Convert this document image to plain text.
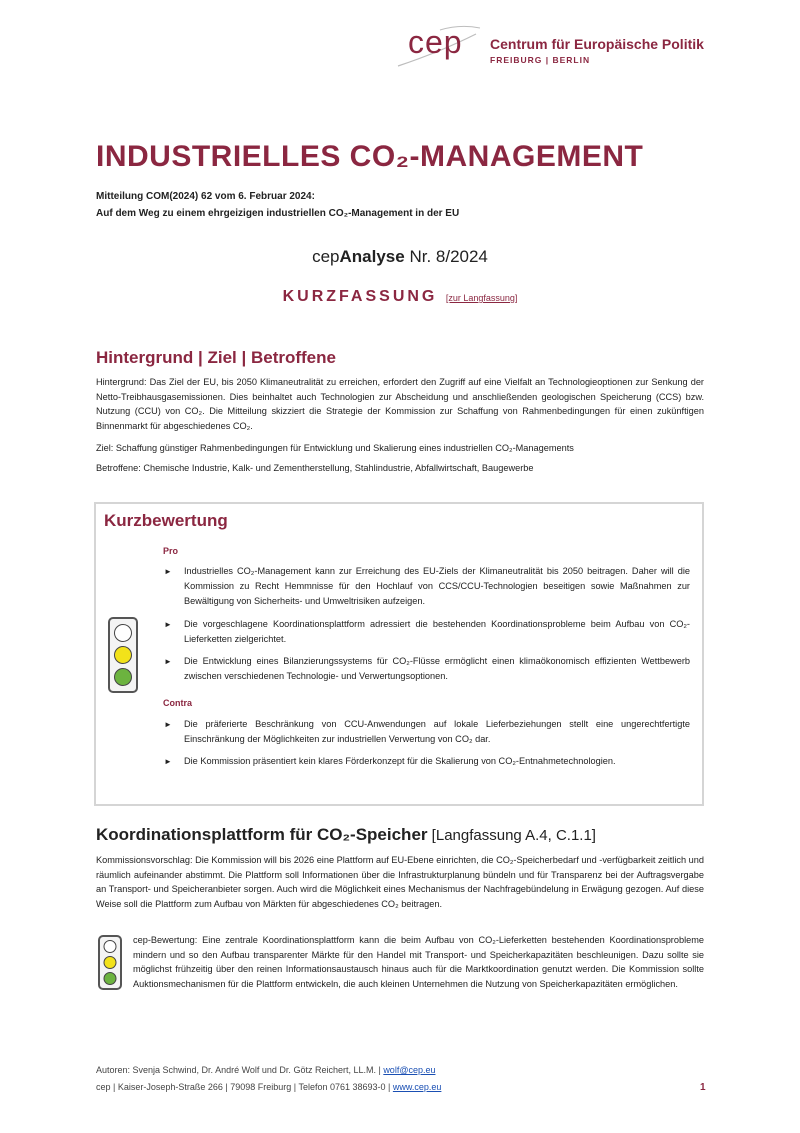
cep Centrum für Europäische Politik
FREIBURG | BERLIN
INDUSTRIELLES CO₂-MANAGEMENT
Mitteilung COM(2024) 62 vom 6. Februar 2024:
Auf dem Weg zu einem ehrgeizigen industriellen CO₂-Management in der EU
cepAnalyse Nr. 8/2024
KURZFASSUNG [zur Langfassung]
Hintergrund | Ziel | Betroffene
Hintergrund: Das Ziel der EU, bis 2050 Klimaneutralität zu erreichen, erfordert den Zugriff auf eine Vielfalt an Technologieoptionen zur Senkung der Netto-Treibhausgasemissionen. Dies beinhaltet auch Technologien zur Abscheidung und anschließenden geologischen Speicherung (CCS) bzw. Nutzung (CCU) von CO₂. Die Mitteilung skizziert die Strategie der Kommission zur Schaffung von Rahmenbedingungen für einen zukünftigen Binnenmarkt für abgeschiedenes CO₂.
Ziel: Schaffung günstiger Rahmenbedingungen für Entwicklung und Skalierung eines industriellen CO₂-Managements
Betroffene: Chemische Industrie, Kalk- und Zementherstellung, Stahlindustrie, Abfallwirtschaft, Baugewerbe
Kurzbewertung
Pro
► Industrielles CO₂-Management kann zur Erreichung des EU-Ziels der Klimaneutralität bis 2050 beitragen. Daher will die Kommission zu Recht Hemmnisse für den Hochlauf von CCS/CCU-Technologien beseitigen sowie Maßnahmen zur Bewältigung von Sicherheits- und Umweltrisiken aufzeigen.
► Die vorgeschlagene Koordinationsplattform adressiert die bestehenden Koordinationsprobleme beim Aufbau von CO₂-Lieferketten zielgerichtet.
► Die Entwicklung eines Bilanzierungssystems für CO₂-Flüsse ermöglicht einen klimaökonomisch effizienten Wettbewerb zwischen verschiedenen Technologie- und Verwertungsoptionen.
Contra
► Die präferierte Beschränkung von CCU-Anwendungen auf lokale Lieferbeziehungen stellt eine ungerechtfertigte Einschränkung der Möglichkeiten zur industriellen Verwertung von CO₂ dar.
► Die Kommission präsentiert kein klares Förderkonzept für die Skalierung von CO₂-Entnahmetechnologien.
Koordinationsplattform für CO₂-Speicher [Langfassung A.4, C.1.1]
Kommissionsvorschlag: Die Kommission will bis 2026 eine Plattform auf EU-Ebene einrichten, die CO₂-Speicherbedarf und -verfügbarkeit zeitlich und räumlich aufeinander abstimmt. Die Plattform soll Informationen über die Infrastrukturplanung bündeln und für Transparenz bei der Auftragsvergabe an Transport- und Speicheranbieter sorgen. Auch wird die Möglichkeit eines Mechanismus der Nachfragebündelung in Erwägung gezogen. Auf diese Weise soll die Plattform zum Aufbau von Märkten für abgeschiedenes CO₂ beitragen.
cep-Bewertung: Eine zentrale Koordinationsplattform kann die beim Aufbau von CO₂-Lieferketten bestehenden Koordinationsprobleme mindern und so den Aufbau transparenter Märkte für den Handel mit Transport- und Speicherkapazitäten beschleunigen. Dazu sollte sie möglichst frühzeitig über den reinen Informationsaustausch hinaus auch für die Marktkoordination genutzt werden. Die Kommission sollte Auktionsmechanismen für die Plattform entwickeln, die auch kleinen Unternehmen die Nutzung von Speicherkapazitäten ermöglichen.
Autoren: Svenja Schwind, Dr. André Wolf und Dr. Götz Reichert, LL.M. | wolf@cep.eu
cep | Kaiser-Joseph-Straße 266 | 79098 Freiburg | Telefon 0761 38693-0 | www.cep.eu	1
